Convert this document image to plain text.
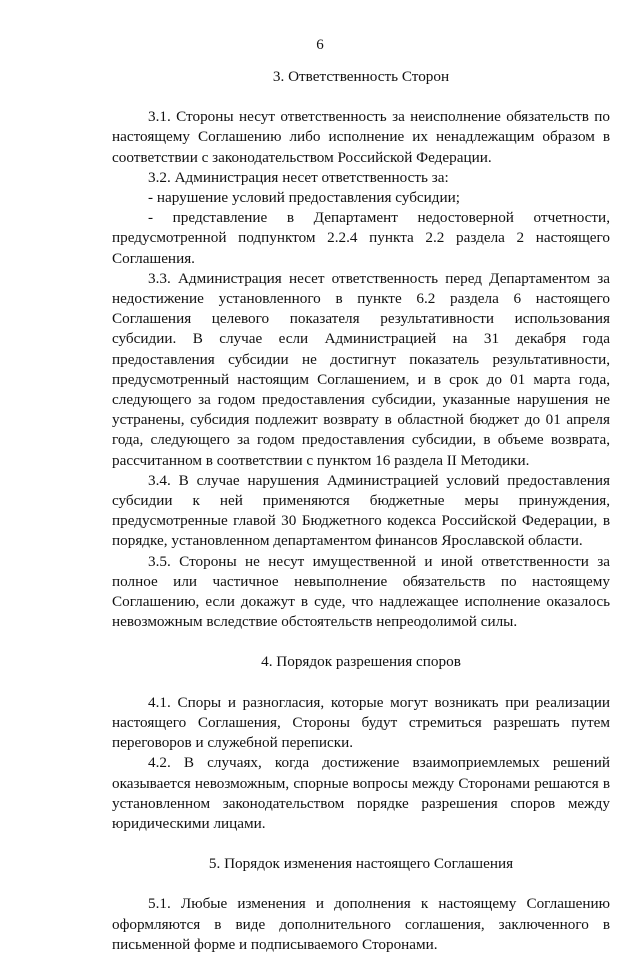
6
3. Ответственность Сторон

3.1. Стороны несут ответственность за неисполнение обязательств по настоящему Соглашению либо исполнение их ненадлежащим образом в соответствии с законодательством Российской Федерации.

3.2. Администрация несет ответственность за:

- нарушение условий предоставления субсидии;

- представление в Департамент недостоверной отчетности, предусмотренной подпунктом 2.2.4 пункта 2.2 раздела 2 настоящего Соглашения.

3.3. Администрация несет ответственность перед Департаментом за недостижение установленного в пункте 6.2 раздела 6 настоящего Соглашения целевого показателя результативности использования субсидии. В случае если Администрацией на 31 декабря года предоставления субсидии не достигнут показатель результативности, предусмотренный настоящим Соглашением, и в срок до 01 марта года, следующего за годом предоставления субсидии, указанные нарушения не устранены, субсидия подлежит возврату в областной бюджет до 01 апреля года, следующего за годом предоставления субсидии, в объеме возврата, рассчитанном в соответствии с пунктом 16 раздела II Методики.

3.4. В случае нарушения Администрацией условий предоставления субсидии к ней применяются бюджетные меры принуждения, предусмотренные главой 30 Бюджетного кодекса Российской Федерации, в порядке, установленном департаментом финансов Ярославской области.

3.5. Стороны не несут имущественной и иной ответственности за полное или частичное невыполнение обязательств по настоящему Соглашению, если докажут в суде, что надлежащее исполнение оказалось невозможным вследствие обстоятельств непреодолимой силы.

4. Порядок разрешения споров

4.1. Споры и разногласия, которые могут возникать при реализации настоящего Соглашения, Стороны будут стремиться разрешать путем переговоров и служебной переписки.

4.2. В случаях, когда достижение взаимоприемлемых решений оказывается невозможным, спорные вопросы между Сторонами решаются в установленном законодательством порядке разрешения споров между юридическими лицами.

5. Порядок изменения настоящего Соглашения

5.1. Любые изменения и дополнения к настоящему Соглашению оформляются в виде дополнительного соглашения, заключенного в письменной форме и подписываемого Сторонами.
